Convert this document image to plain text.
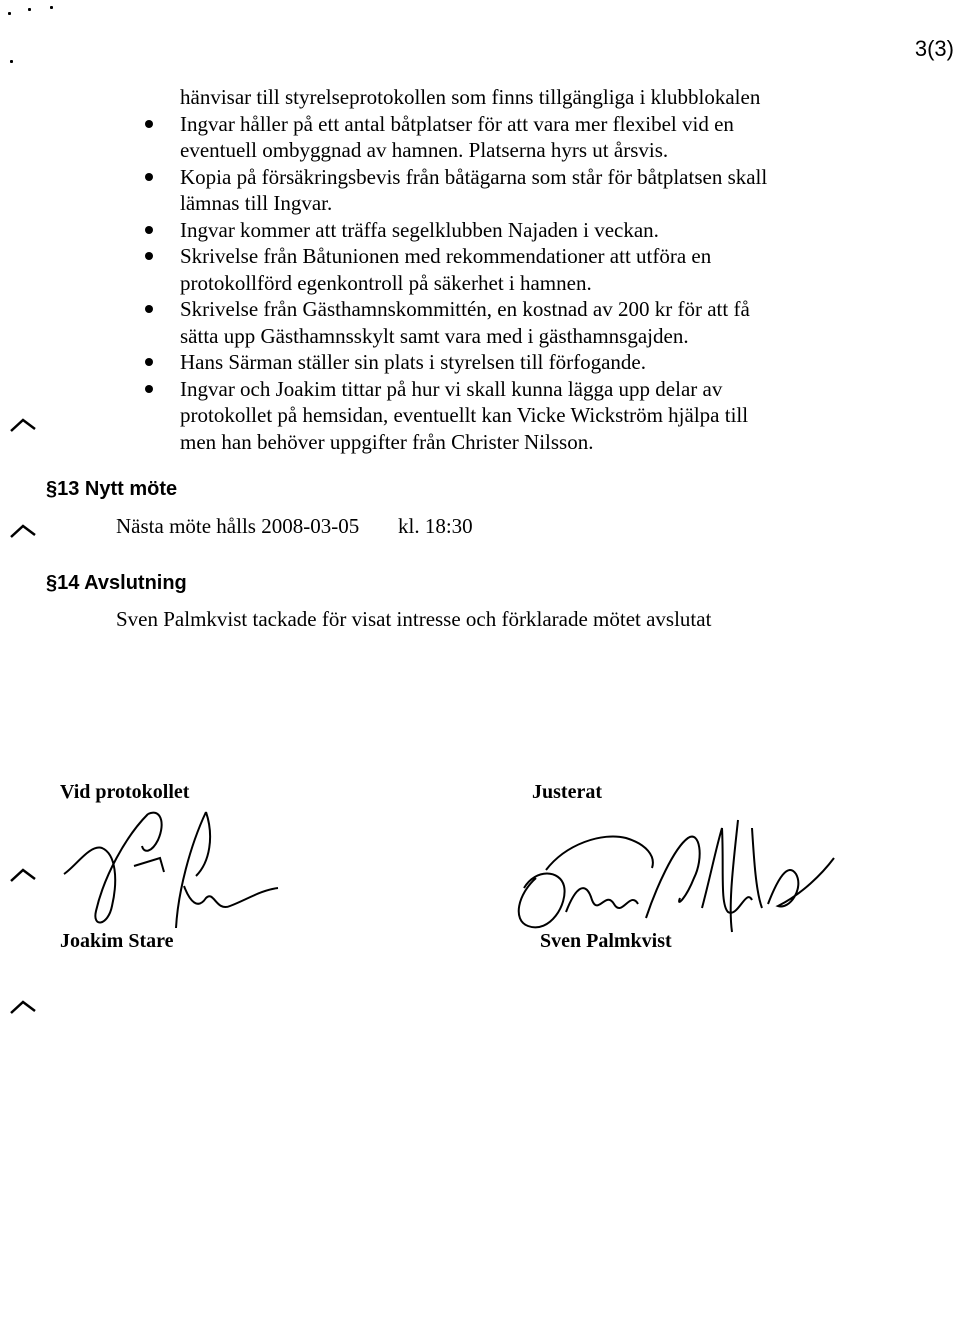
3(3)
hänvisar till styrelseprotokollen som finns tillgängliga i klubblokalen
Ingvar håller på ett antal båtplatser för att vara mer flexibel vid en
eventuell ombyggnad av hamnen. Platserna hyrs ut årsvis.
Kopia på försäkringsbevis från båtägarna som står för båtplatsen skall
lämnas till Ingvar.
Ingvar kommer att träffa segelklubben Najaden i veckan.
Skrivelse från Båtunionen med rekommendationer att utföra en
protokollförd egenkontroll på säkerhet i hamnen.
Skrivelse från Gästhamnskommittén, en kostnad av 200 kr för att få
sätta upp Gästhamnsskylt samt vara med i gästhamnsgajden.
Hans Särman ställer sin plats i styrelsen till förfogande.
Ingvar och Joakim tittar på hur vi skall kunna lägga upp delar av
protokollet på hemsidan, eventuellt kan Vicke Wickström hjälpa till
men han behöver uppgifter från Christer Nilsson.
§13 Nytt möte
Nästa möte hålls 2008-03-05 kl. 18:30
§14 Avslutning
Sven Palmkvist tackade för visat intresse och förklarade mötet avslutat
Vid protokollet	Justerat
Joakim Stare	Sven Palmkvist
